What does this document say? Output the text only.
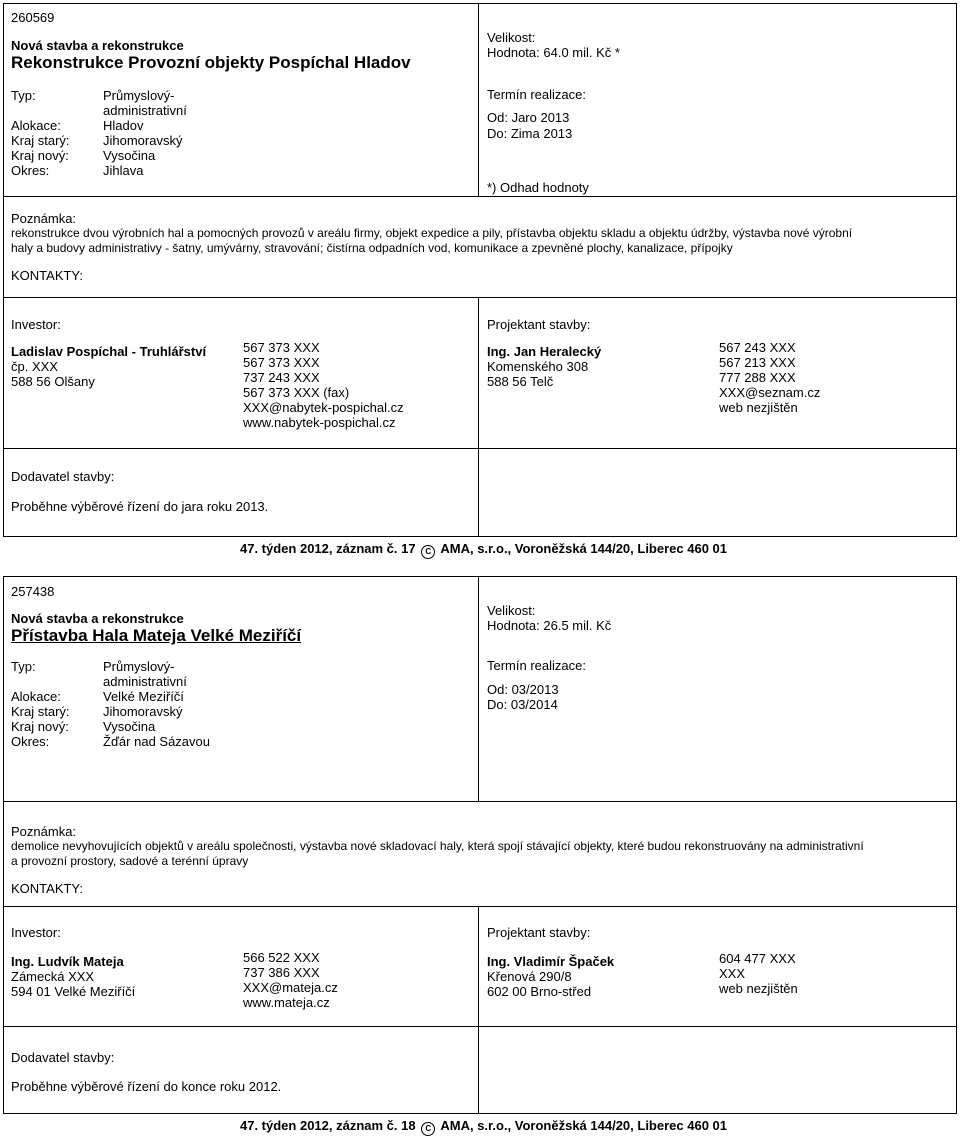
260569
Nová stavba a rekonstrukce
Rekonstrukce Provozní objekty Pospíchal Hladov
Velikost:
Hodnota: 64.0 mil. Kč *
Termín realizace:
Od: Jaro 2013
Do: Zima 2013
*) Odhad hodnoty
Typ:	Průmyslový-
administrativní
Alokace:	Hladov
Kraj starý:	Jihomoravský
Kraj nový:	Vysočina
Okres:	Jihlava
Poznámka:
rekonstrukce dvou výrobních hal a pomocných provozů v areálu firmy, objekt expedice a pily, přístavba objektu skladu a objektu údržby, výstavba nové výrobní
haly a budovy administrativy - šatny, umývárny, stravování; čistírna odpadních vod, komunikace a zpevněné plochy, kanalizace, přípojky
KONTAKTY:
Investor:
Ladislav Pospíchal - Truhlářství
čp. XXX
588 56 Olšany
567 373 XXX
567 373 XXX
737 243 XXX
567 373 XXX (fax)
XXX@nabytek-pospichal.cz
www.nabytek-pospichal.cz
Projektant stavby:
Ing. Jan Heralecký
Komenského 308
588 56 Telč
567 243 XXX
567 213 XXX
777 288 XXX
XXX@seznam.cz
web nezjištěn
Dodavatel stavby:
Proběhne výběrové řízení do jara roku 2013.
47. týden 2012, záznam č. 17 C AMA, s.r.o., Voroněžská 144/20, Liberec 460 01
257438
Nová stavba a rekonstrukce
Přístavba Hala Mateja Velké Meziříčí
Velikost:
Hodnota: 26.5 mil. Kč
Termín realizace:
Od: 03/2013
Do: 03/2014
Typ:	Průmyslový-
administrativní
Alokace:	Velké Meziříčí
Kraj starý:	Jihomoravský
Kraj nový:	Vysočina
Okres:	Žďár nad Sázavou
Poznámka:
demolice nevyhovujících objektů v areálu společnosti, výstavba nové skladovací haly, která spojí stávající objekty, které budou rekonstruovány na administrativní
a provozní prostory, sadové a terénní úpravy
KONTAKTY:
Investor:
Ing. Ludvík Mateja
Zámecká XXX
594 01 Velké Meziříčí
566 522 XXX
737 386 XXX
XXX@mateja.cz
www.mateja.cz
Projektant stavby:
Ing. Vladimír Špaček
Křenová 290/8
602 00 Brno-střed
604 477 XXX
XXX
web nezjištěn
Dodavatel stavby:
Proběhne výběrové řízení do konce roku 2012.
47. týden 2012, záznam č. 18 C AMA, s.r.o., Voroněžská 144/20, Liberec 460 01
